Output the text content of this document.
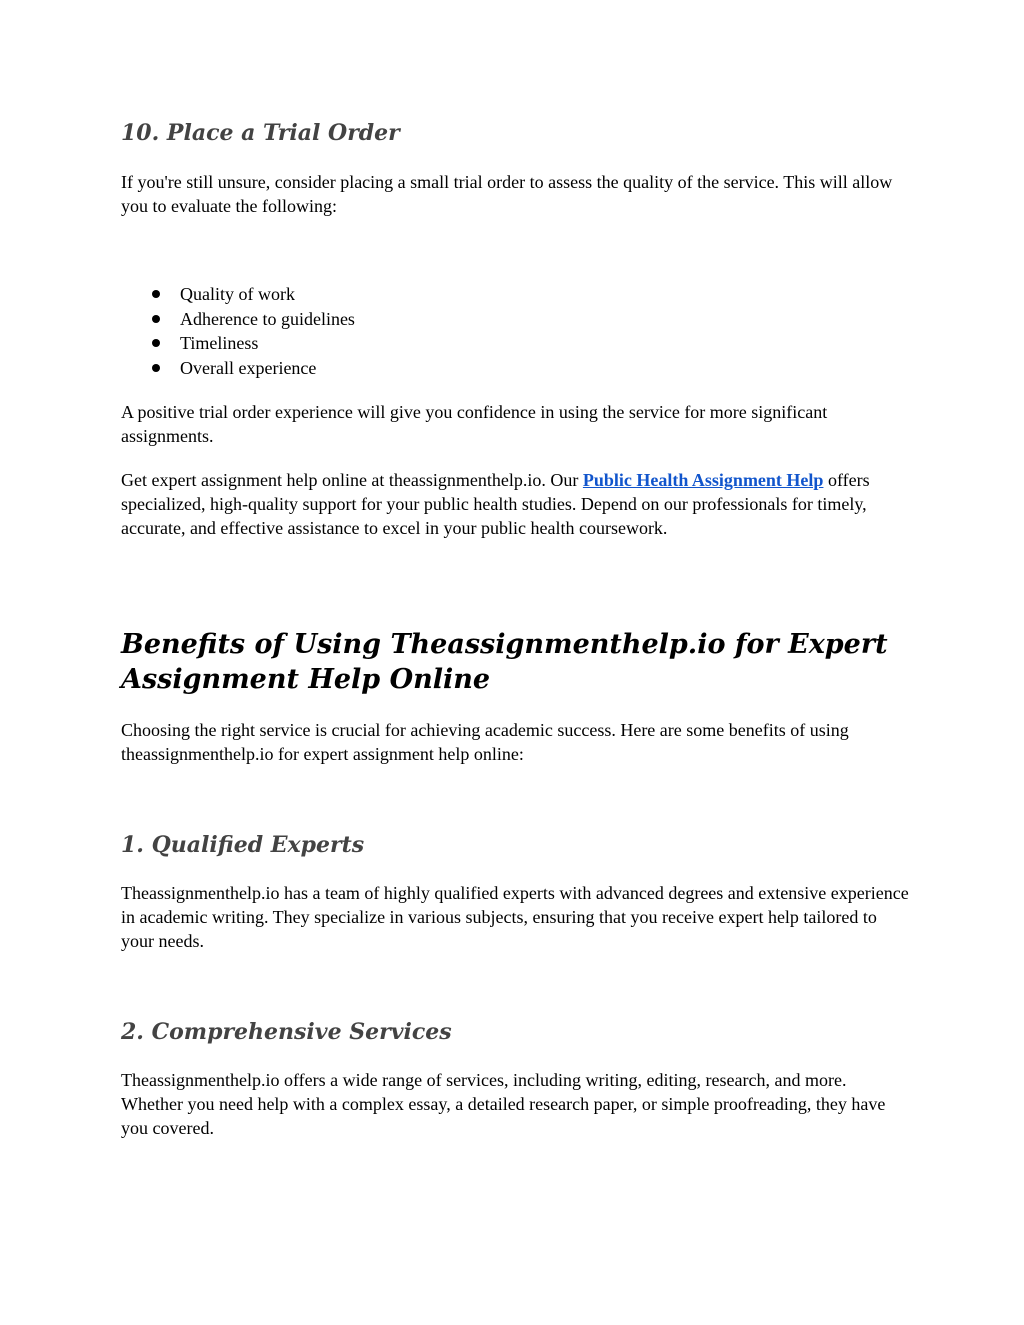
10. Place a Trial Order

If you're still unsure, consider placing a small trial order to assess the quality of the service. This will allow you to evaluate the following:

Quality of work
Adherence to guidelines
Timeliness
Overall experience

A positive trial order experience will give you confidence in using the service for more significant assignments.

Get expert assignment help online at theassignmenthelp.io. Our Public Health Assignment Help offers specialized, high-quality support for your public health studies. Depend on our professionals for timely, accurate, and effective assistance to excel in your public health coursework.

Benefits of Using Theassignmenthelp.io for Expert Assignment Help Online

Choosing the right service is crucial for achieving academic success. Here are some benefits of using theassignmenthelp.io for expert assignment help online:

1. Qualified Experts

Theassignmenthelp.io has a team of highly qualified experts with advanced degrees and extensive experience in academic writing. They specialize in various subjects, ensuring that you receive expert help tailored to your needs.

2. Comprehensive Services

Theassignmenthelp.io offers a wide range of services, including writing, editing, research, and more. Whether you need help with a complex essay, a detailed research paper, or simple proofreading, they have you covered.
